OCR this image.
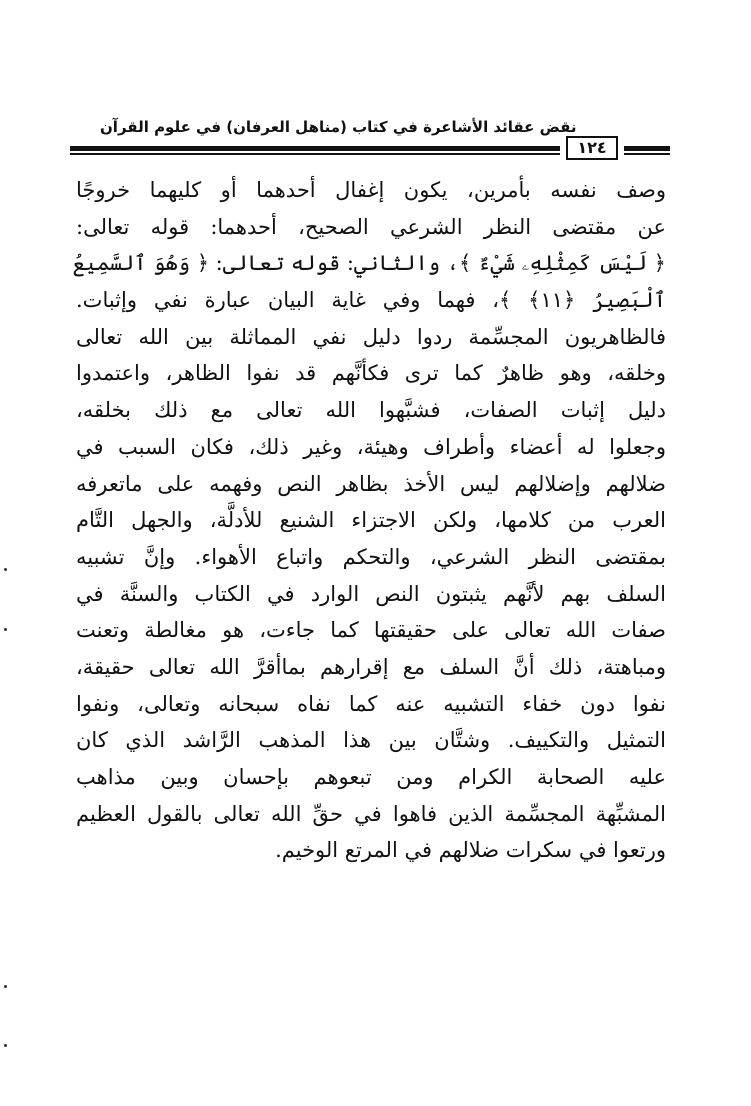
نقض عقائد الأشاعرة في كتاب (مناهل العرفان) في علوم القرآن
١٢٤
وصف نفسه بأمرين، يكون إغفال أحدهما أو كليهما خروجًا
عن مقتضى النظر الشرعي الصحيح، أحدهما: قوله تعالى:
﴿ لَيْسَ كَمِثْلِهِۦ شَيْءٌ ﴾، والثاني: قوله تعالى: ﴿ وَهُوَ ٱلسَّمِيعُ
ٱلْبَصِيرُ ﴿١١﴾ ﴾، فهما وفي غاية البيان عبارة نفي وإثبات.
فالظاهريون المجسِّمة ردوا دليل نفي المماثلة بين الله تعالى
وخلقه، وهو ظاهرٌ كما ترى فكأنَّهم قد نفوا الظاهر، واعتمدوا
دليل إثبات الصفات، فشبَّهوا الله تعالى مع ذلك بخلقه،
وجعلوا له أعضاء وأطراف وهيئة، وغير ذلك، فكان السبب في
ضلالهم وإضلالهم ليس الأخذ بظاهر النص وفهمه على ماتعرفه
العرب من كلامها، ولكن الاجتزاء الشنيع للأدلَّة، والجهل التَّام
بمقتضى النظر الشرعي، والتحكم واتباع الأهواء. وإنَّ تشبيه
السلف بهم لأنَّهم يثبتون النص الوارد في الكتاب والسنَّة في
صفات الله تعالى على حقيقتها كما جاءت، هو مغالطة وتعنت
ومباهتة، ذلك أنَّ السلف مع إقرارهم بماأقرَّ الله تعالى حقيقة،
نفوا دون خفاء التشبيه عنه كما نفاه سبحانه وتعالى، ونفوا
التمثيل والتكييف. وشتَّان بين هذا المذهب الرَّاشد الذي كان
عليه الصحابة الكرام ومن تبعوهم بإحسان وبين مذاهب
المشبِّهة المجسِّمة الذين فاهوا في حقِّ الله تعالى بالقول العظيم
ورتعوا في سكرات ضلالهم في المرتع الوخيم.
